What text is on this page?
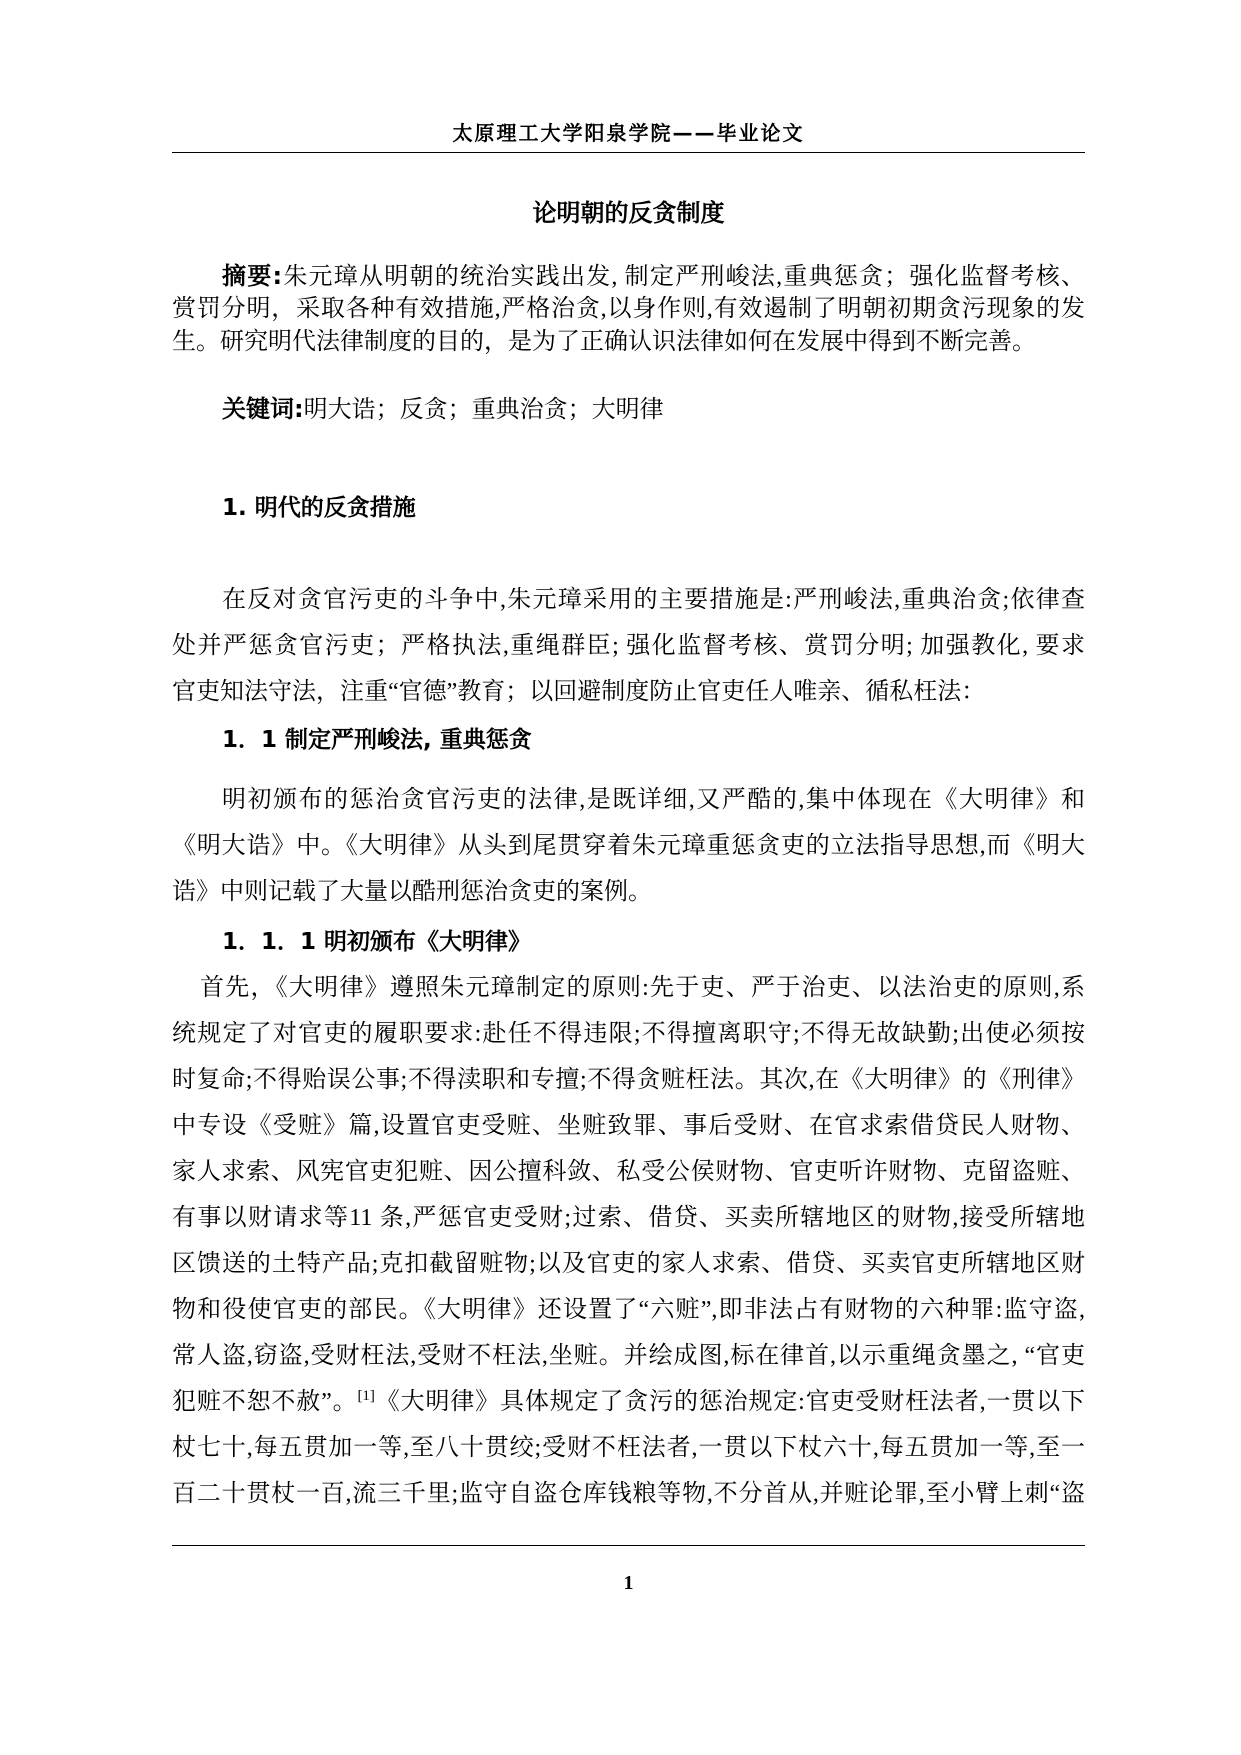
太原理工大学阳泉学院——毕业论文
论明朝的反贪制度
摘要:朱元璋从明朝的统治实践出发, 制定严刑峻法,重典惩贪；强化监督考核、
赏罚分明，采取各种有效措施,严格治贪,以身作则,有效遏制了明朝初期贪污现象的发
生。研究明代法律制度的目的，是为了正确认识法律如何在发展中得到不断完善。
关键词:明大诰；反贪；重典治贪；大明律
1. 明代的反贪措施
在反对贪官污吏的斗争中,朱元璋采用的主要措施是:严刑峻法,重典治贪;依律查
处并严惩贪官污吏；严格执法,重绳群臣; 强化监督考核、赏罚分明; 加强教化, 要求
官吏知法守法，注重“官德”教育；以回避制度防止官吏任人唯亲、循私枉法：
1．1 制定严刑峻法, 重典惩贪
明初颁布的惩治贪官污吏的法律,是既详细,又严酷的,集中体现在《大明律》和
《明大诰》中。《大明律》从头到尾贯穿着朱元璋重惩贪吏的立法指导思想,而《明大
诰》中则记载了大量以酷刑惩治贪吏的案例。
1．1．1 明初颁布《大明律》
首先，《大明律》遵照朱元璋制定的原则:先于吏、严于治吏、以法治吏的原则,系
统规定了对官吏的履职要求:赴任不得违限;不得擅离职守;不得无故缺勤;出使必须按
时复命;不得贻误公事;不得渎职和专擅;不得贪赃枉法。其次,在《大明律》的《刑律》
中专设《受赃》篇,设置官吏受赃、坐赃致罪、事后受财、在官求索借贷民人财物、
家人求索、风宪官吏犯赃、因公擅科敛、私受公侯财物、官吏听许财物、克留盗赃、
有事以财请求等11 条,严惩官吏受财;过索、借贷、买卖所辖地区的财物,接受所辖地
区馈送的土特产品;克扣截留赃物;以及官吏的家人求索、借贷、买卖官吏所辖地区财
物和役使官吏的部民。《大明律》还设置了“六赃”,即非法占有财物的六种罪:监守盗,
常人盗,窃盗,受财枉法,受财不枉法,坐赃。并绘成图,标在律首,以示重绳贪墨之, “官吏
犯赃不恕不赦”。[1]《大明律》具体规定了贪污的惩治规定:官吏受财枉法者,一贯以下
杖七十,每五贯加一等,至八十贯绞;受财不枉法者,一贯以下杖六十,每五贯加一等,至一
百二十贯杖一百,流三千里;监守自盗仓库钱粮等物,不分首从,并赃论罪,至小臂上刺“盗
1
